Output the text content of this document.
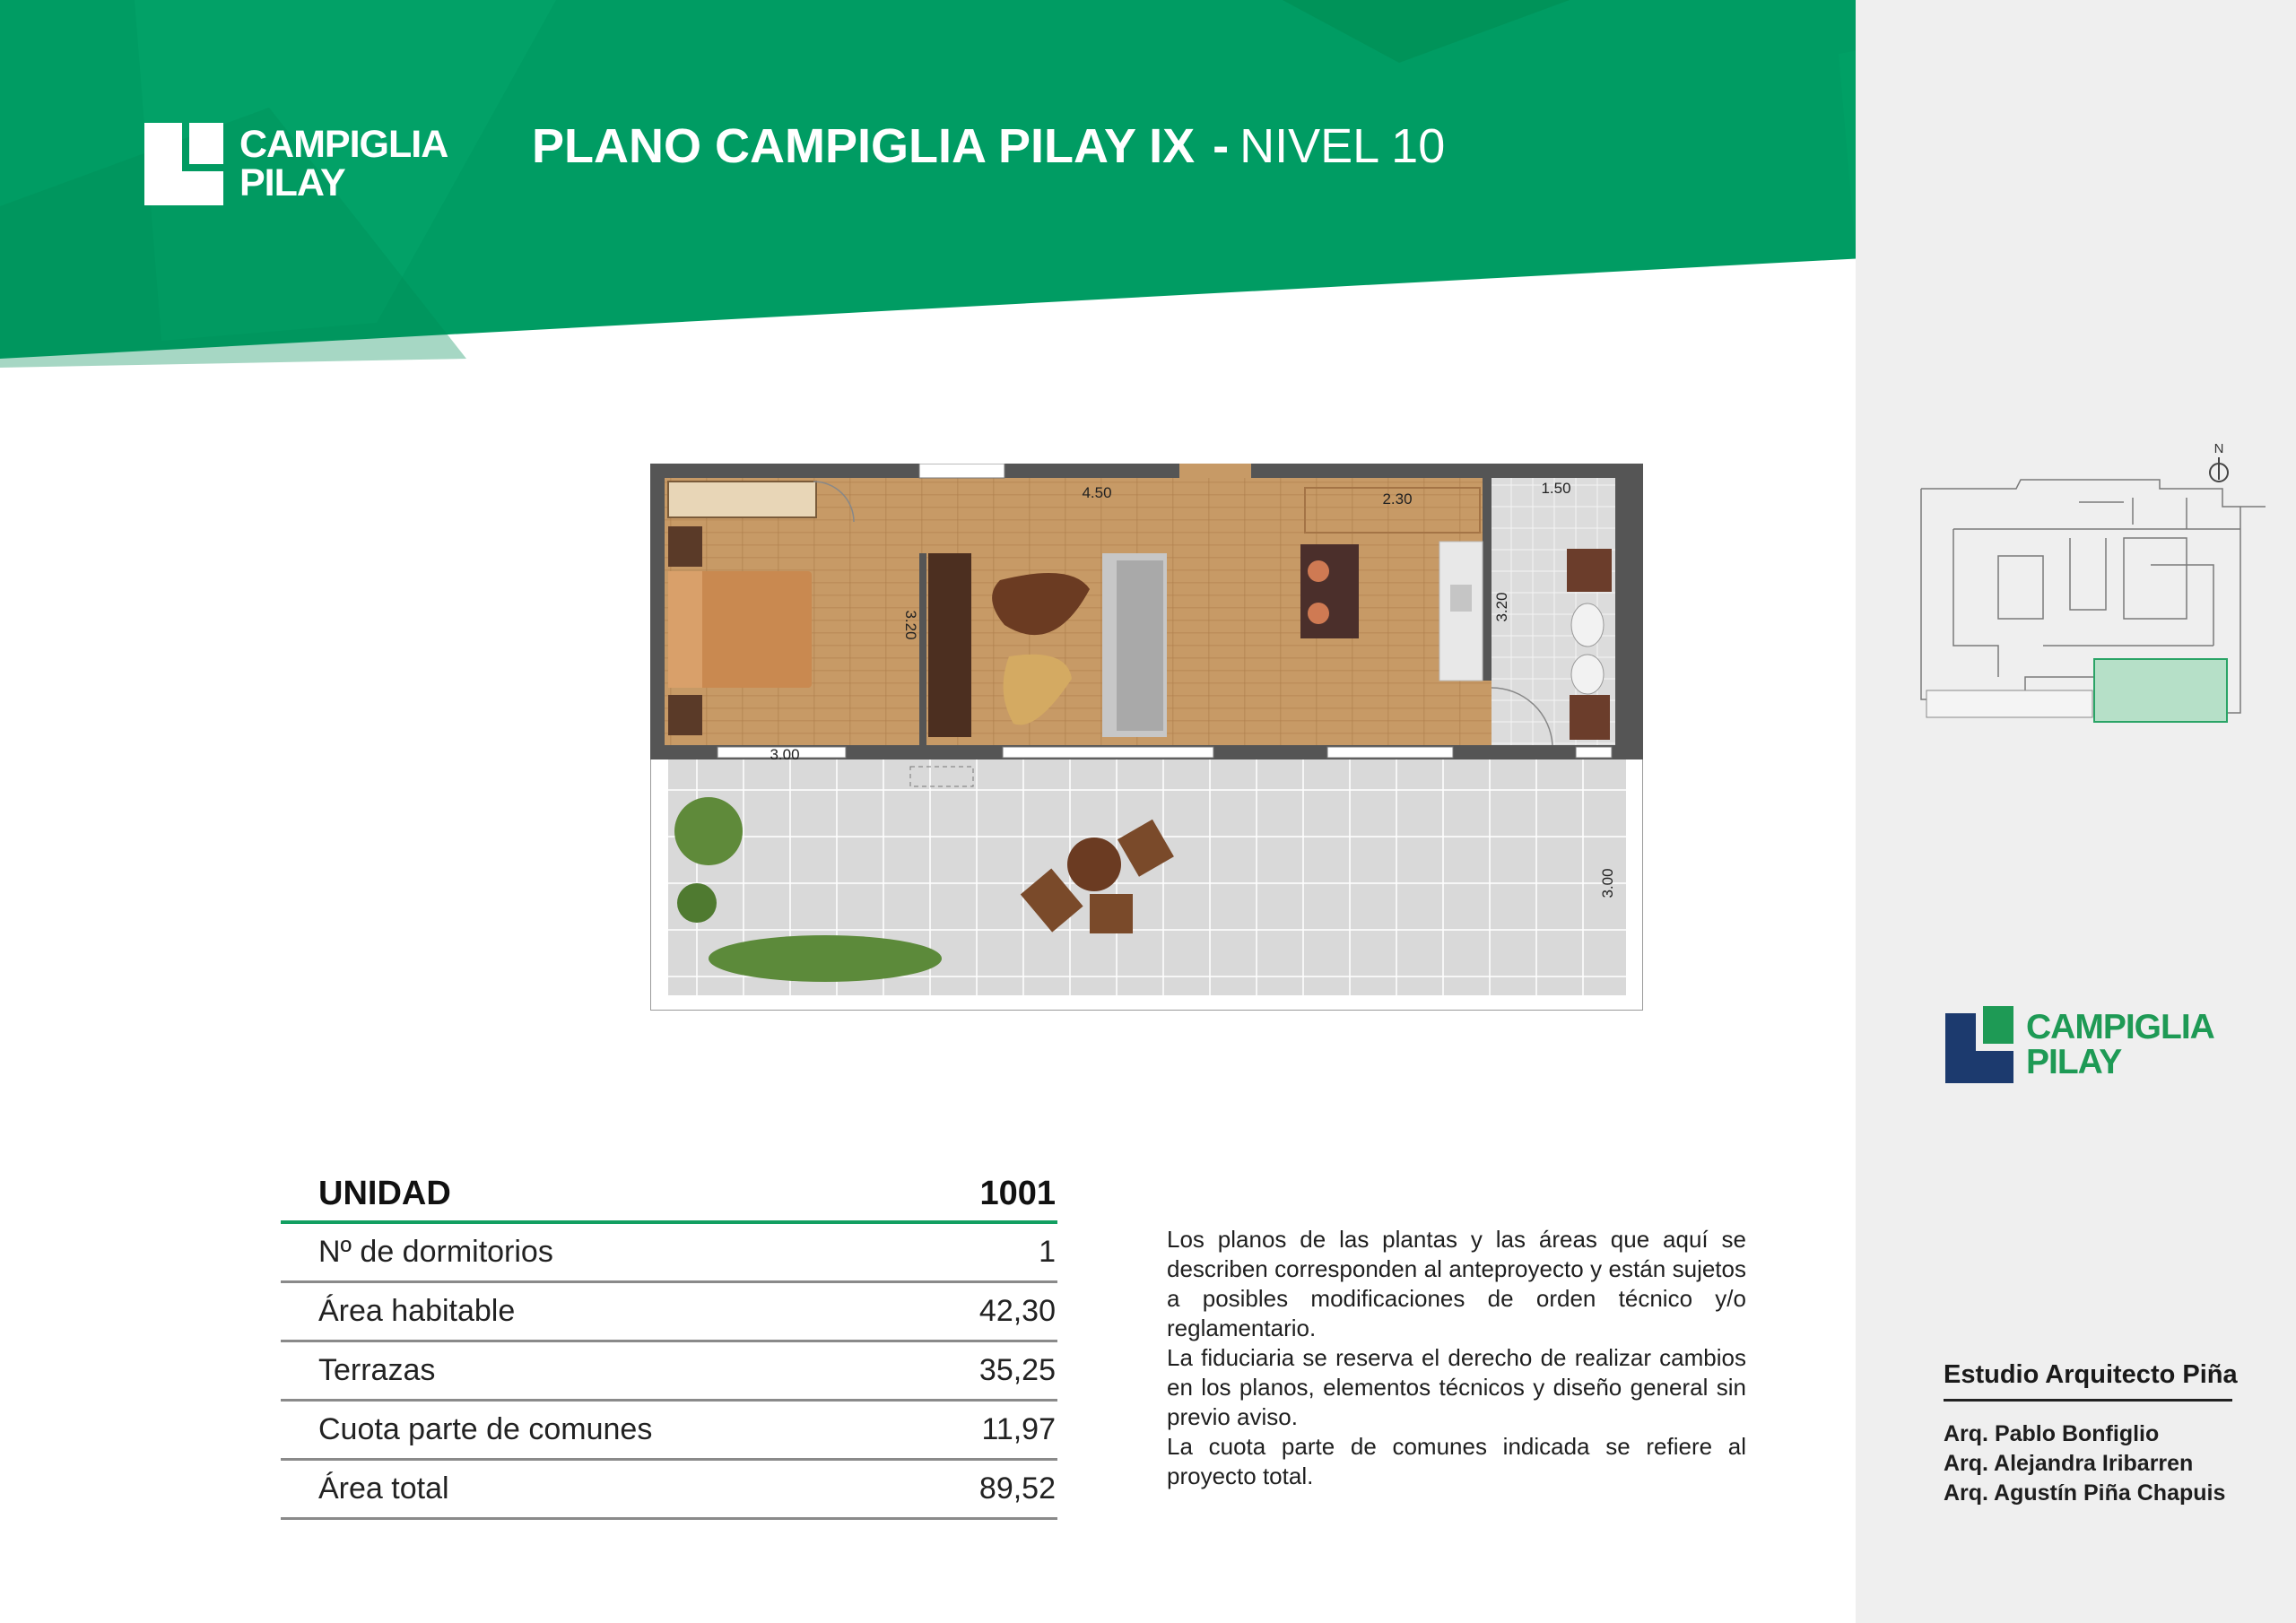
CAMPIGLIA
PILAY
PLANO CAMPIGLIA PILAY IX - NIVEL 10
4.50	2.30
1.50
3.20
3.20
3.00
3.00
N
CAMPIGLIA
PILAY
UNIDAD	1001
Nº de dormitorios	1
Área habitable	42,30
Terrazas	35,25
Cuota parte de comunes	11,97
Área total	89,52

Los planos de las plantas y las áreas que aquí se describen corresponden al anteproyecto y están sujetos a posibles modificaciones de orden técnico y/o reglamentario.

La fiduciaria se reserva el derecho de realizar cambios en los planos, elementos técnicos y diseño general sin previo aviso.

La cuota parte de comunes indicada se refiere al proyecto total.

Estudio Arquitecto Piña
Arq. Pablo Bonfiglio
Arq. Alejandra Iribarren
Arq. Agustín Piña Chapuis
